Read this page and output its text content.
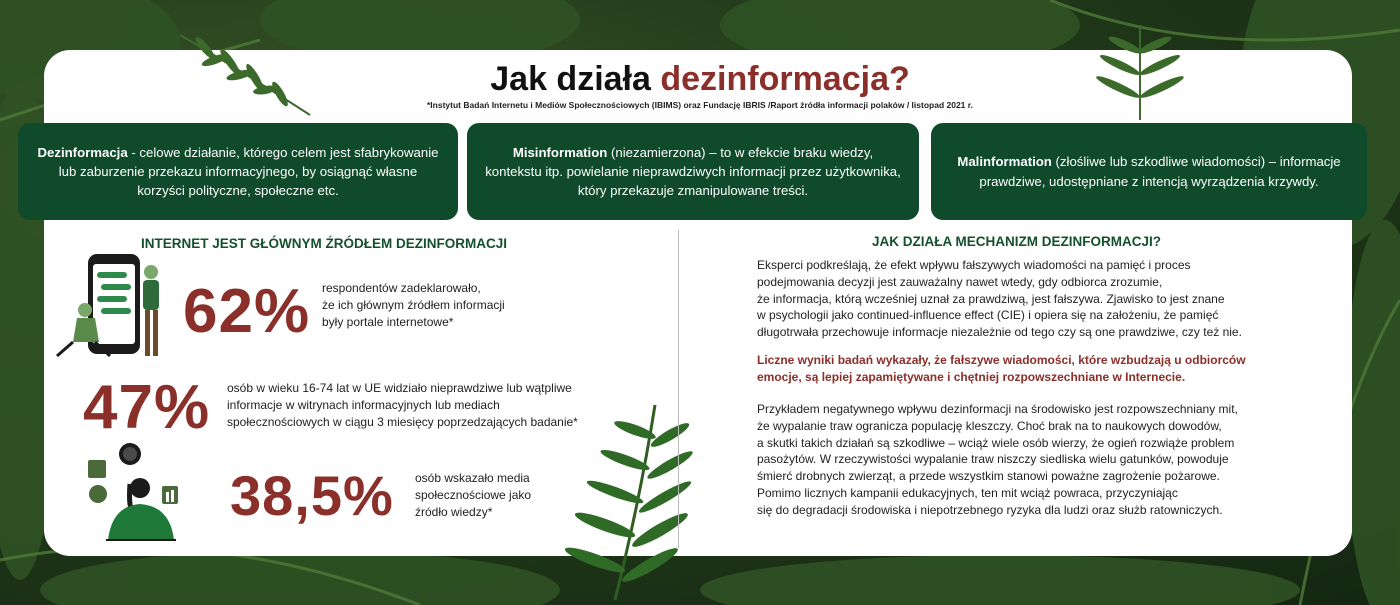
Jak działa dezinformacja?
*Instytut Badań Internetu i Mediów Społecznościowych (IBIMS) oraz Fundację IBRIS /Raport źródła informacji polaków / listopad 2021 r.
Dezinformacja - celowe działanie, którego celem jest sfabrykowanie
lub zaburzenie przekazu informacyjnego, by osiągnąć własne
korzyści polityczne, społeczne etc.
Misinformation (niezamierzona) – to w efekcie braku wiedzy,
kontekstu itp. powielanie nieprawdziwych informacji przez użytkownika,
który przekazuje zmanipulowane treści.
Malinformation (złośliwe lub szkodliwe wiadomości) – informacje
prawdziwe, udostępniane z intencją wyrządzenia krzywdy.
INTERNET JEST GŁÓWNYM ŹRÓDŁEM DEZINFORMACJI
62% respondentów zadeklarowało,
że ich głównym źródłem informacji
były portale internetowe*
47% osób w wieku 16-74 lat w UE widziało nieprawdziwe lub wątpliwe
informacje w witrynach informacyjnych lub mediach
społecznościowych w ciągu 3 miesięcy poprzedzających badanie*
38,5% osób wskazało media
społecznościowe jako
źródło wiedzy*
JAK DZIAŁA MECHANIZM DEZINFORMACJI?
Eksperci podkreślają, że efekt wpływu fałszywych wiadomości na pamięć i proces
podejmowania decyzji jest zauważalny nawet wtedy, gdy odbiorca zrozumie,
że informacja, którą wcześniej uznał za prawdziwą, jest fałszywa. Zjawisko to jest znane
w psychologii jako continued-influence effect (CIE) i opiera się na założeniu, że pamięć
długotrwała przechowuje informacje niezależnie od tego czy są one prawdziwe, czy też nie.
Liczne wyniki badań wykazały, że fałszywe wiadomości, które wzbudzają u odbiorców
emocje, są lepiej zapamiętywane i chętniej rozpowszechniane w Internecie.
Przykładem negatywnego wpływu dezinformacji na środowisko jest rozpowszechniany mit,
że wypalanie traw ogranicza populację kleszczy. Choć brak na to naukowych dowodów,
a skutki takich działań są szkodliwe – wciąż wiele osób wierzy, że ogień rozwiąże problem
pasożytów. W rzeczywistości wypalanie traw niszczy siedliska wielu gatunków, powoduje
śmierć drobnych zwierząt, a przede wszystkim stanowi poważne zagrożenie pożarowe.
Pomimo licznych kampanii edukacyjnych, ten mit wciąż powraca, przyczyniając
się do degradacji środowiska i niepotrzebnego ryzyka dla ludzi oraz służb ratowniczych.
